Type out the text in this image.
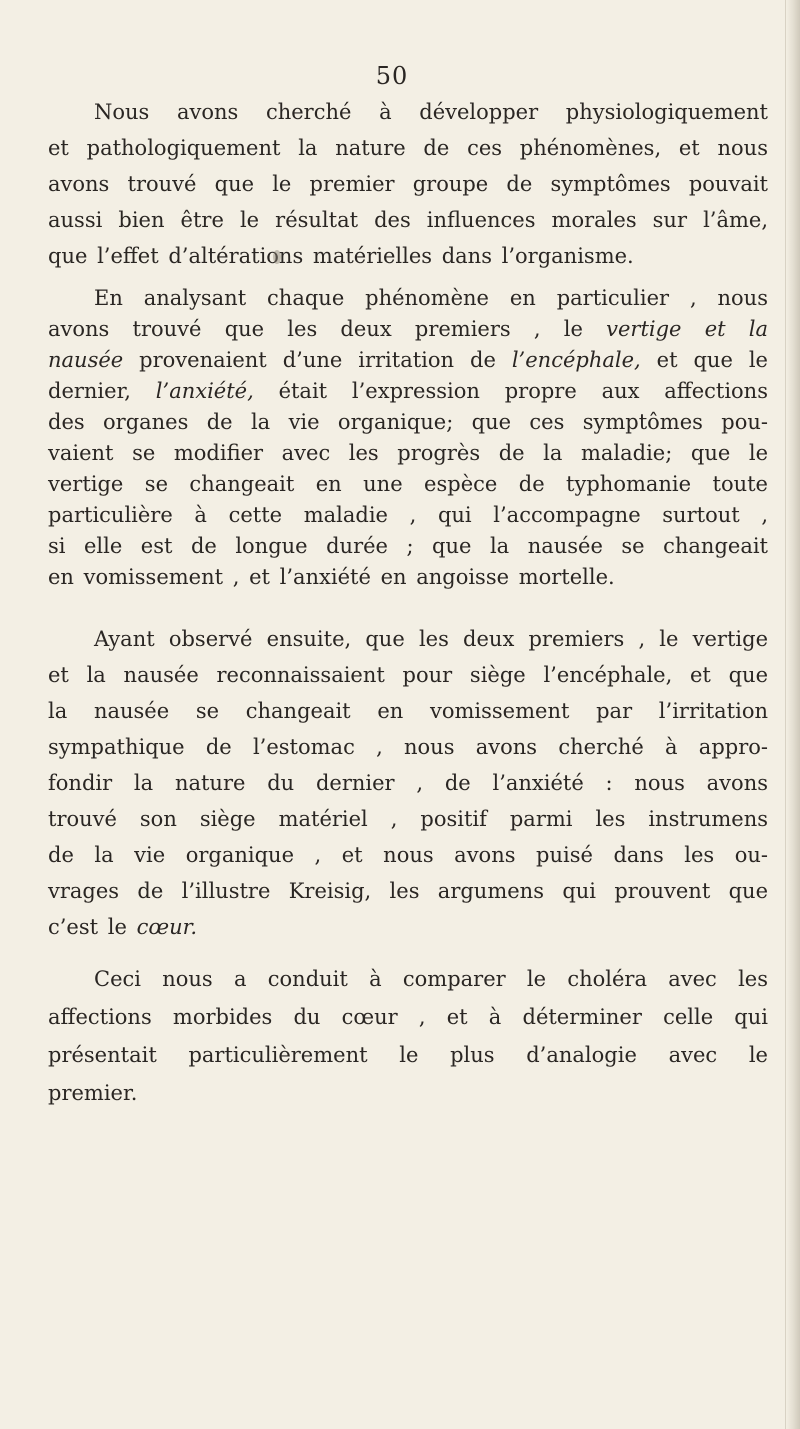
50
Nous avons cherché à développer physiologiquement
et pathologiquement la nature de ces phénomènes, et nous
avons trouvé que le premier groupe de symptômes pouvait
aussi bien être le résultat des influences morales sur l’âme,
que l’effet d’altérations matérielles dans l’organisme.
En analysant chaque phénomène en particulier , nous
avons trouvé que les deux premiers , le vertige et la
nausée provenaient d’une irritation de l’encéphale, et que le
dernier, l’anxiété, était l’expression propre aux affections
des organes de la vie organique; que ces symptômes pou-
vaient se modifier avec les progrès de la maladie; que le
vertige se changeait en une espèce de typhomanie toute
particulière à cette maladie , qui l’accompagne surtout ,
si elle est de longue durée ; que la nausée se changeait
en vomissement , et l’anxiété en angoisse mortelle.
Ayant observé ensuite, que les deux premiers , le vertige
et la nausée reconnaissaient pour siège l’encéphale, et que
la nausée se changeait en vomissement par l’irritation
sympathique de l’estomac , nous avons cherché à appro-
fondir la nature du dernier , de l’anxiété : nous avons
trouvé son siège matériel , positif parmi les instrumens
de la vie organique , et nous avons puisé dans les ou-
vrages de l’illustre Kreisig, les argumens qui prouvent que
c’est le cœur.
Ceci nous a conduit à comparer le choléra avec les
affections morbides du cœur , et à déterminer celle qui
présentait particulièrement le plus d’analogie avec le
premier.
